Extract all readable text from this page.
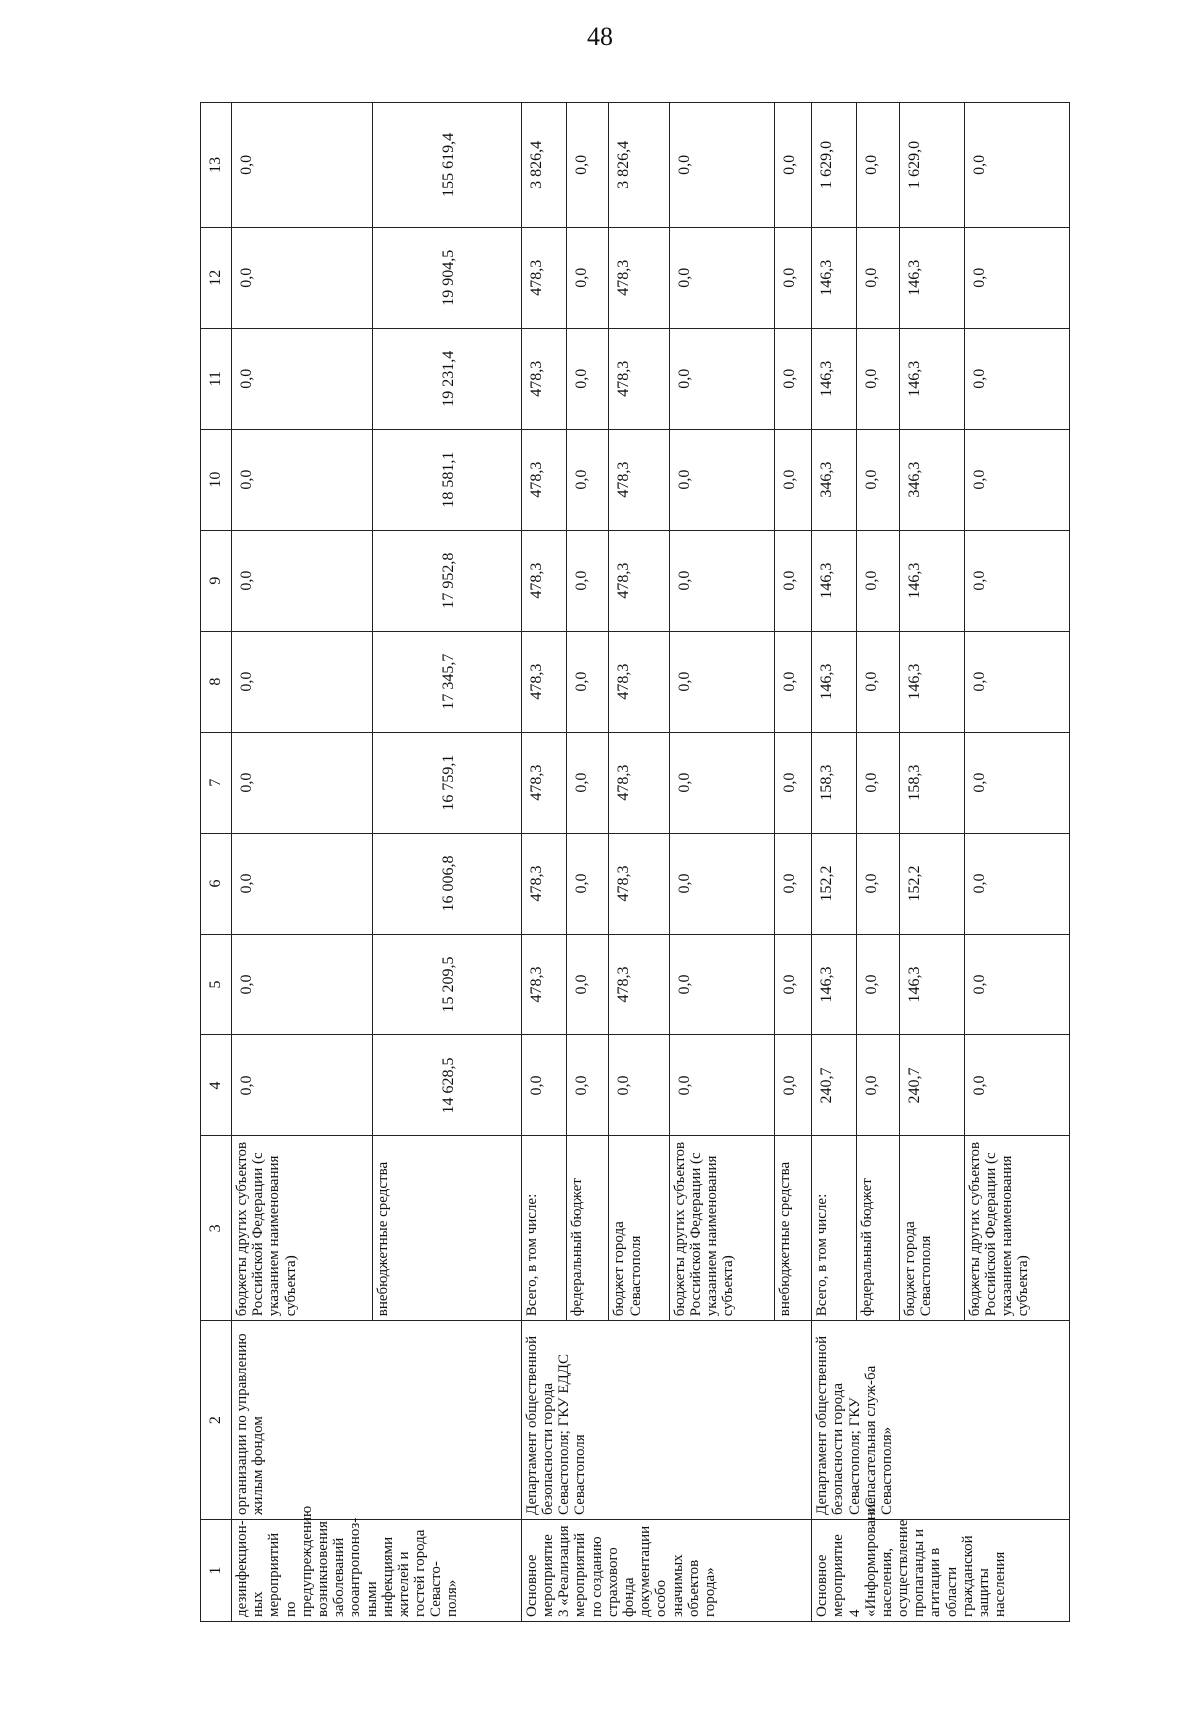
48
1	2	3	4	5	6	7	8	9	10	11	12	13
дезинфекцион-ных мероприятий по предупреждению возникновения заболеваний зооантропоноз-ными инфекциями жителей и гостей города Севасто-поля»	организации по управлению жилым фондом	бюджеты других субъектов Российской Федерации (с указанием наименования субъекта)	0,0	0,0	0,0	0,0	0,0	0,0	0,0	0,0	0,0	0,0
		внебюджетные средства	14 628,5	15 209,5	16 006,8	16 759,1	17 345,7	17 952,8	18 581,1	19 231,4	19 904,5	155 619,4
Основное мероприятие 3 «Реализация мероприятий по созданию страхового фонда документации особо значимых объектов города»	Департамент общественной безопасности города Севастополя; ГКУ ЕДДС Севастополя	Всего, в том числе:	0,0	478,3	478,3	478,3	478,3	478,3	478,3	478,3	478,3	3 826,4
		федеральный бюджет	0,0	0,0	0,0	0,0	0,0	0,0	0,0	0,0	0,0	0,0
		бюджет города Севастополя	0,0	478,3	478,3	478,3	478,3	478,3	478,3	478,3	478,3	3 826,4
		бюджеты других субъектов Российской Федерации (с указанием наименования субъекта)	0,0	0,0	0,0	0,0	0,0	0,0	0,0	0,0	0,0	0,0
		внебюджетные средства	0,0	0,0	0,0	0,0	0,0	0,0	0,0	0,0	0,0	0,0
Основное мероприятие 4 «Информирование населения, осуществление пропаганды и агитации в области гражданской защиты населения	Департамент общественной безопасности города Севастополя; ГКУ «Спасательная служ-ба Севастополя»	Всего, в том числе:	240,7	146,3	152,2	158,3	146,3	146,3	346,3	146,3	146,3	1 629,0
		федеральный бюджет	0,0	0,0	0,0	0,0	0,0	0,0	0,0	0,0	0,0	0,0
		бюджет города Севастополя	240,7	146,3	152,2	158,3	146,3	146,3	346,3	146,3	146,3	1 629,0
		бюджеты других субъектов Российской Федерации (с указанием наименования субъекта)	0,0	0,0	0,0	0,0	0,0	0,0	0,0	0,0	0,0	0,0
